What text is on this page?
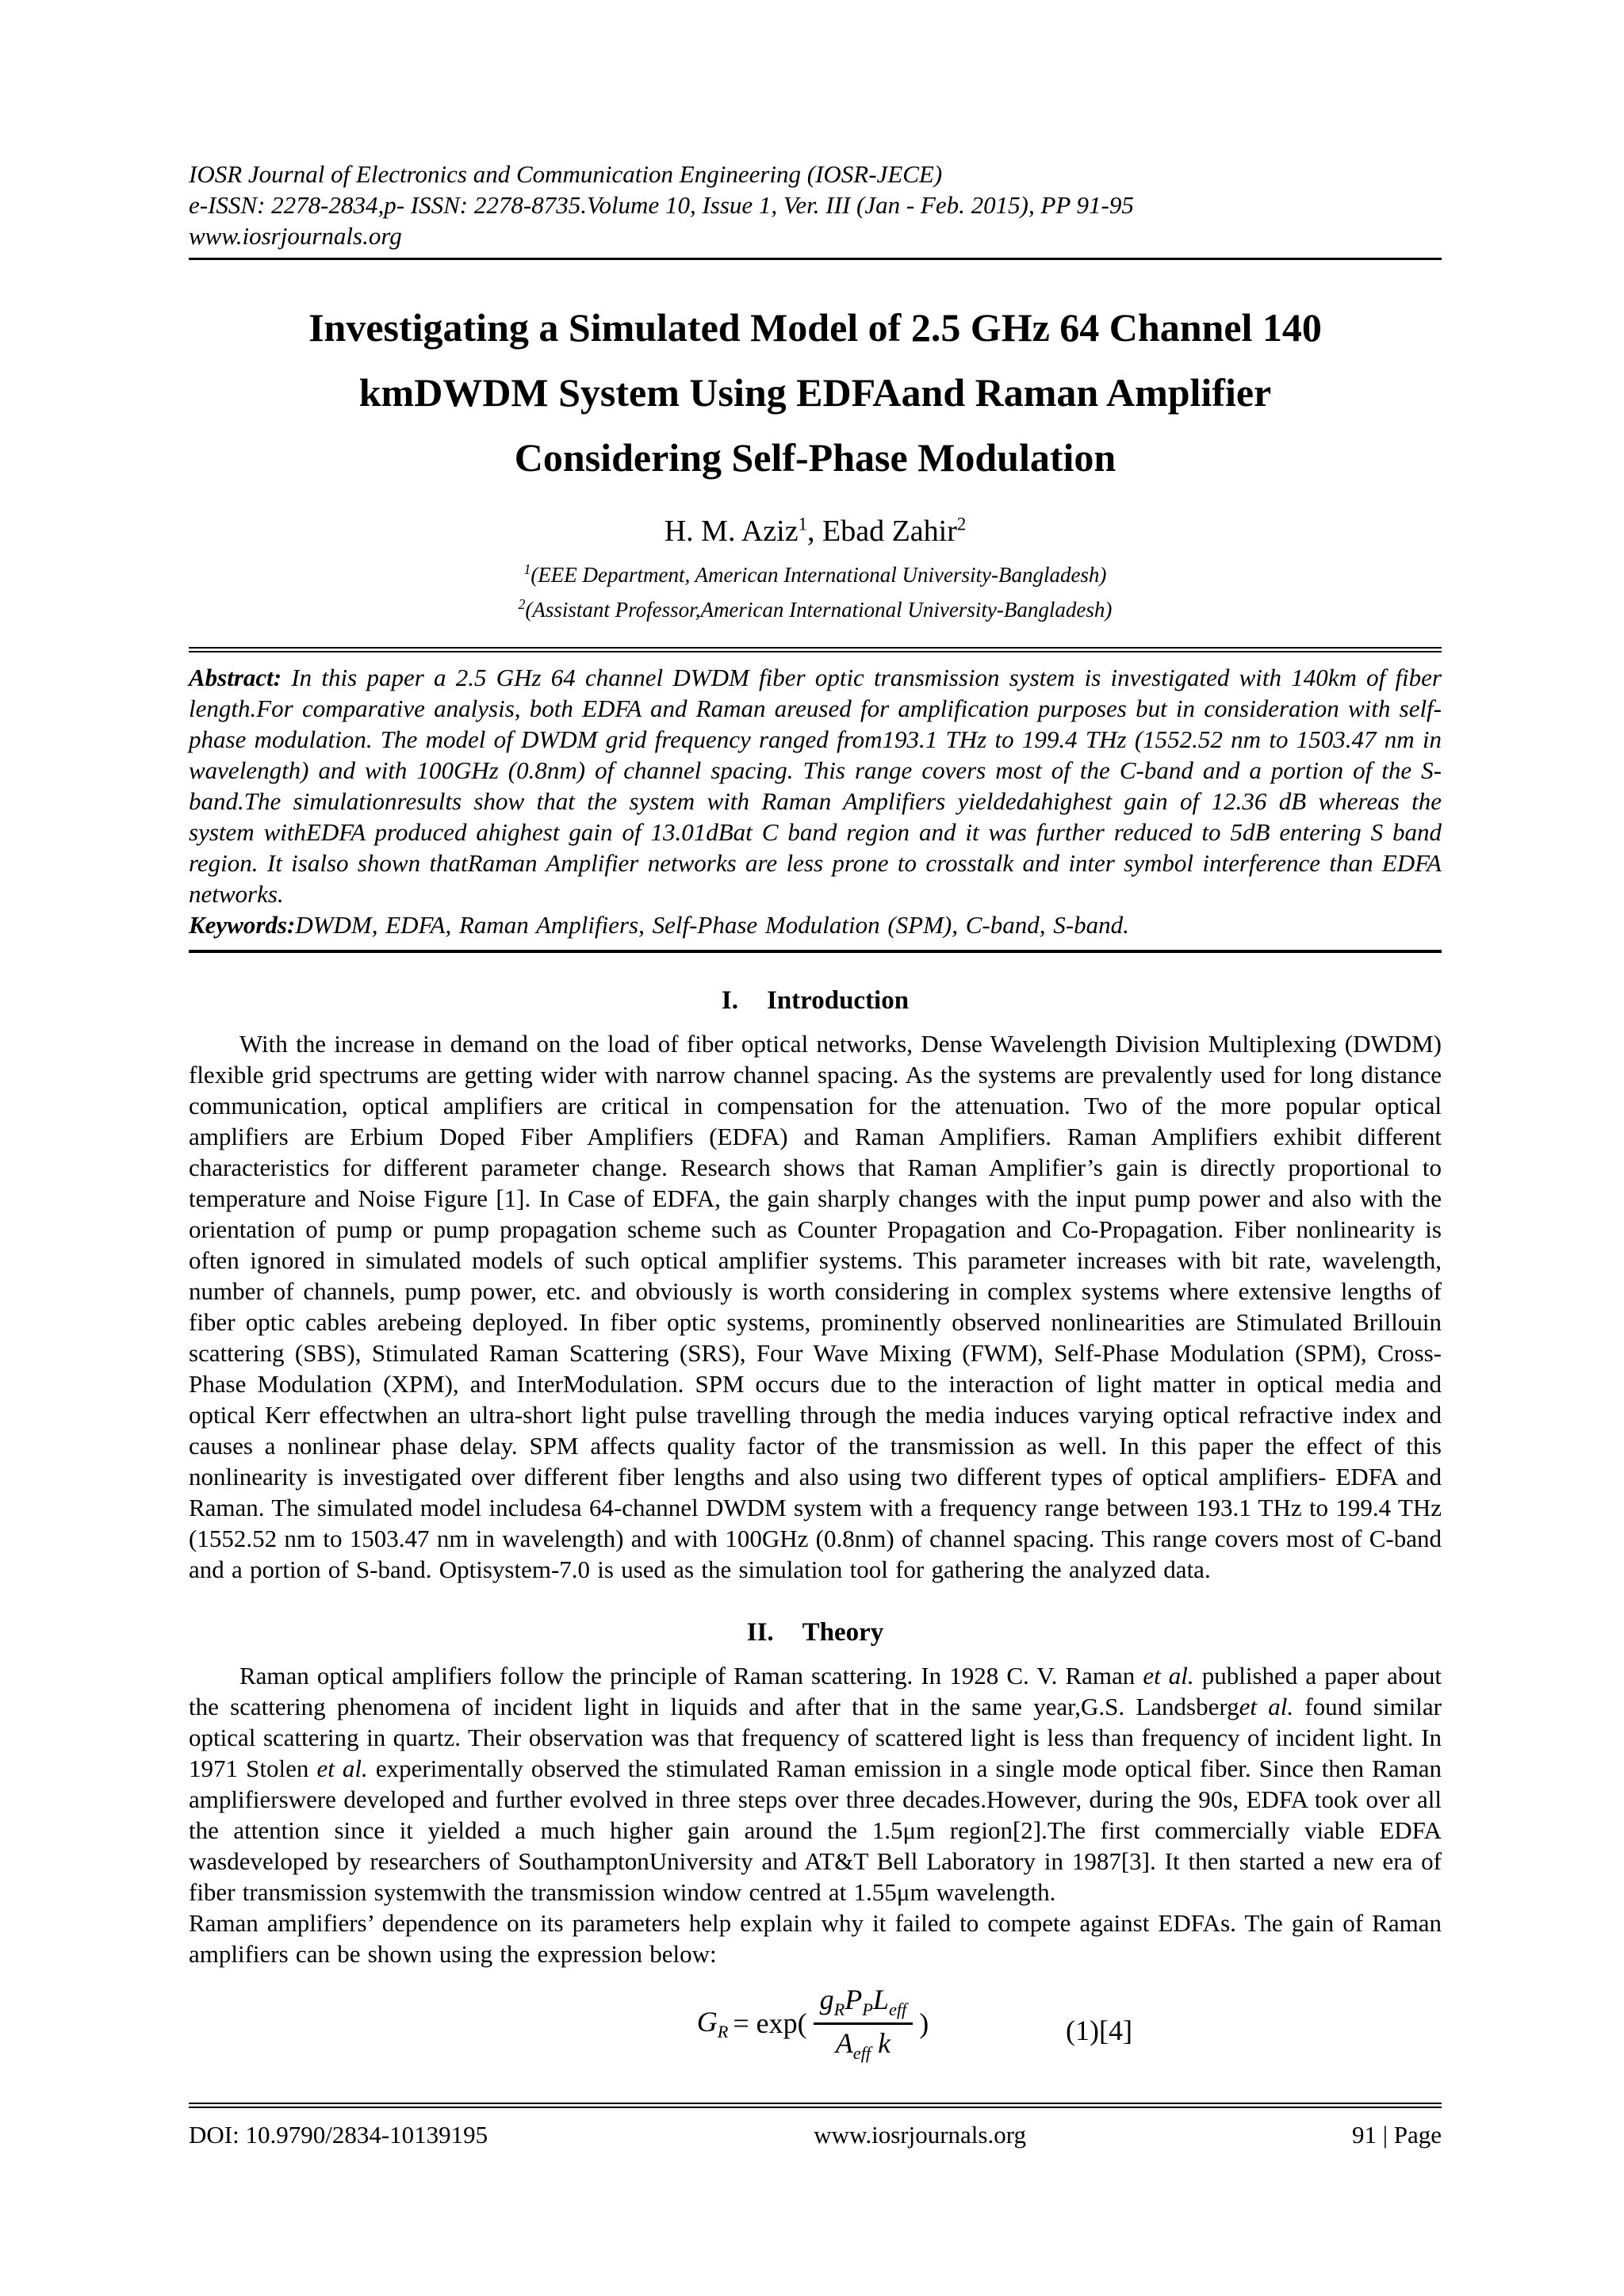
IOSR Journal of Electronics and Communication Engineering (IOSR-JECE)
e-ISSN: 2278-2834,p- ISSN: 2278-8735.Volume 10, Issue 1, Ver. III (Jan - Feb. 2015), PP 91-95
www.iosrjournals.org
Investigating a Simulated Model of 2.5 GHz 64 Channel 140
kmDWDM System Using EDFAand Raman Amplifier
Considering Self-Phase Modulation
H. M. Aziz$^1$, Ebad Zahir$^2$
$^1$(EEE Department, American International University-Bangladesh)
$^2$(Assistant Professor,American International University-Bangladesh)

Abstract: In this paper a 2.5 GHz 64 channel DWDM fiber optic transmission system is investigated with 140km of fiber length.For comparative analysis, both EDFA and Raman areused for amplification purposes but in consideration with self-phase modulation. The model of DWDM grid frequency ranged from193.1 THz to 199.4 THz (1552.52 nm to 1503.47 nm in wavelength) and with 100GHz (0.8nm) of channel spacing. This range covers most of the C-band and a portion of the S-band.The simulationresults show that the system with Raman Amplifiers yieldedahighest gain of 12.36 dB whereas the system withEDFA produced ahighest gain of 13.01dBat C band region and it was further reduced to 5dB entering S band region. It isalso shown thatRaman Amplifier networks are less prone to crosstalk and inter symbol interference than EDFA networks.

Keywords:DWDM, EDFA, Raman Amplifiers, Self-Phase Modulation (SPM), C-band, S-band.

I. Introduction

With the increase in demand on the load of fiber optical networks, Dense Wavelength Division Multiplexing (DWDM) flexible grid spectrums are getting wider with narrow channel spacing. As the systems are prevalently used for long distance communication, optical amplifiers are critical in compensation for the attenuation. Two of the more popular optical amplifiers are Erbium Doped Fiber Amplifiers (EDFA) and Raman Amplifiers. Raman Amplifiers exhibit different characteristics for different parameter change. Research shows that Raman Amplifier’s gain is directly proportional to temperature and Noise Figure [1]. In Case of EDFA, the gain sharply changes with the input pump power and also with the orientation of pump or pump propagation scheme such as Counter Propagation and Co-Propagation. Fiber nonlinearity is often ignored in simulated models of such optical amplifier systems. This parameter increases with bit rate, wavelength, number of channels, pump power, etc. and obviously is worth considering in complex systems where extensive lengths of fiber optic cables arebeing deployed. In fiber optic systems, prominently observed nonlinearities are Stimulated Brillouin scattering (SBS), Stimulated Raman Scattering (SRS), Four Wave Mixing (FWM), Self-Phase Modulation (SPM), Cross-Phase Modulation (XPM), and InterModulation. SPM occurs due to the interaction of light matter in optical media and optical Kerr effectwhen an ultra-short light pulse travelling through the media induces varying optical refractive index and causes a nonlinear phase delay. SPM affects quality factor of the transmission as well. In this paper the effect of this nonlinearity is investigated over different fiber lengths and also using two different types of optical amplifiers- EDFA and Raman. The simulated model includesa 64-channel DWDM system with a frequency range between 193.1 THz to 199.4 THz (1552.52 nm to 1503.47 nm in wavelength) and with 100GHz (0.8nm) of channel spacing. This range covers most of C-band and a portion of S-band. Optisystem-7.0 is used as the simulation tool for gathering the analyzed data.

II. Theory

Raman optical amplifiers follow the principle of Raman scattering. In 1928 C. V. Raman et al. published a paper about the scattering phenomena of incident light in liquids and after that in the same year,G.S. Landsberget al. found similar optical scattering in quartz. Their observation was that frequency of scattered light is less than frequency of incident light. In 1971 Stolen et al. experimentally observed the stimulated Raman emission in a single mode optical fiber. Since then Raman amplifierswere developed and further evolved in three steps over three decades.However, during the 90s, EDFA took over all the attention since it yielded a much higher gain around the 1.5μm region[2].The first commercially viable EDFA wasdeveloped by researchers of SouthamptonUniversity and AT&T Bell Laboratory in 1987[3]. It then started a new era of fiber transmission systemwith the transmission window centred at 1.55μm wavelength.

Raman amplifiers’ dependence on its parameters help explain why it failed to compete against EDFAs. The gain of Raman amplifiers can be shown using the expression below:

$G_R = \exp( \frac{g_RP_PL_{eff}}{A_{eff} k}$ )	(1)[4]
DOI: 10.9790/2834-10139195	www.iosrjournals.org	91 | Page
